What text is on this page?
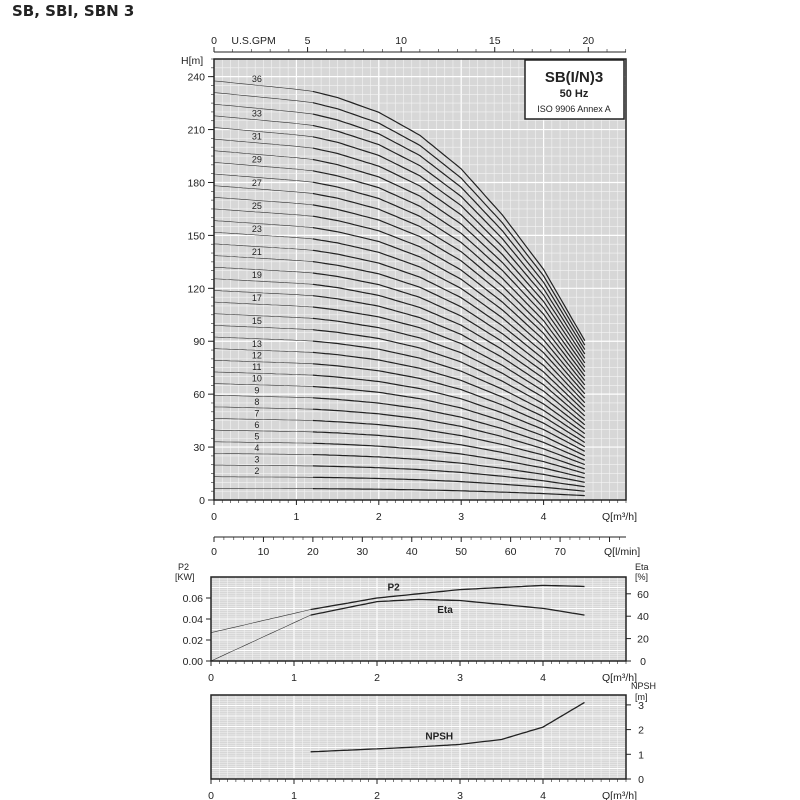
SB, SBI, SBN 3
36
33
31
29
27
25
23
21
19
17
15
13
12
11
10
9
8
7
6
5
4
3
2
0	1	2	3	4
0
30
60
90
120
150
180
210
240
H[m]
Q[m³/h]
SB(I/N)3
50 Hz
ISO 9906 Annex A
0	5	10	15	20
U.S.GPM
0	10	20	30	40	50	60	70	Q[l/min]
P2
Eta
0	1	2	3	4	Q[m³/h]
0.00
0.02
0.04
0.06
P2
[KW]
0
20
40
60
Eta
[%]
NPSH
0	1	2	3	4	Q[m³/h]
0
1
2
3
NPSH
[m]
